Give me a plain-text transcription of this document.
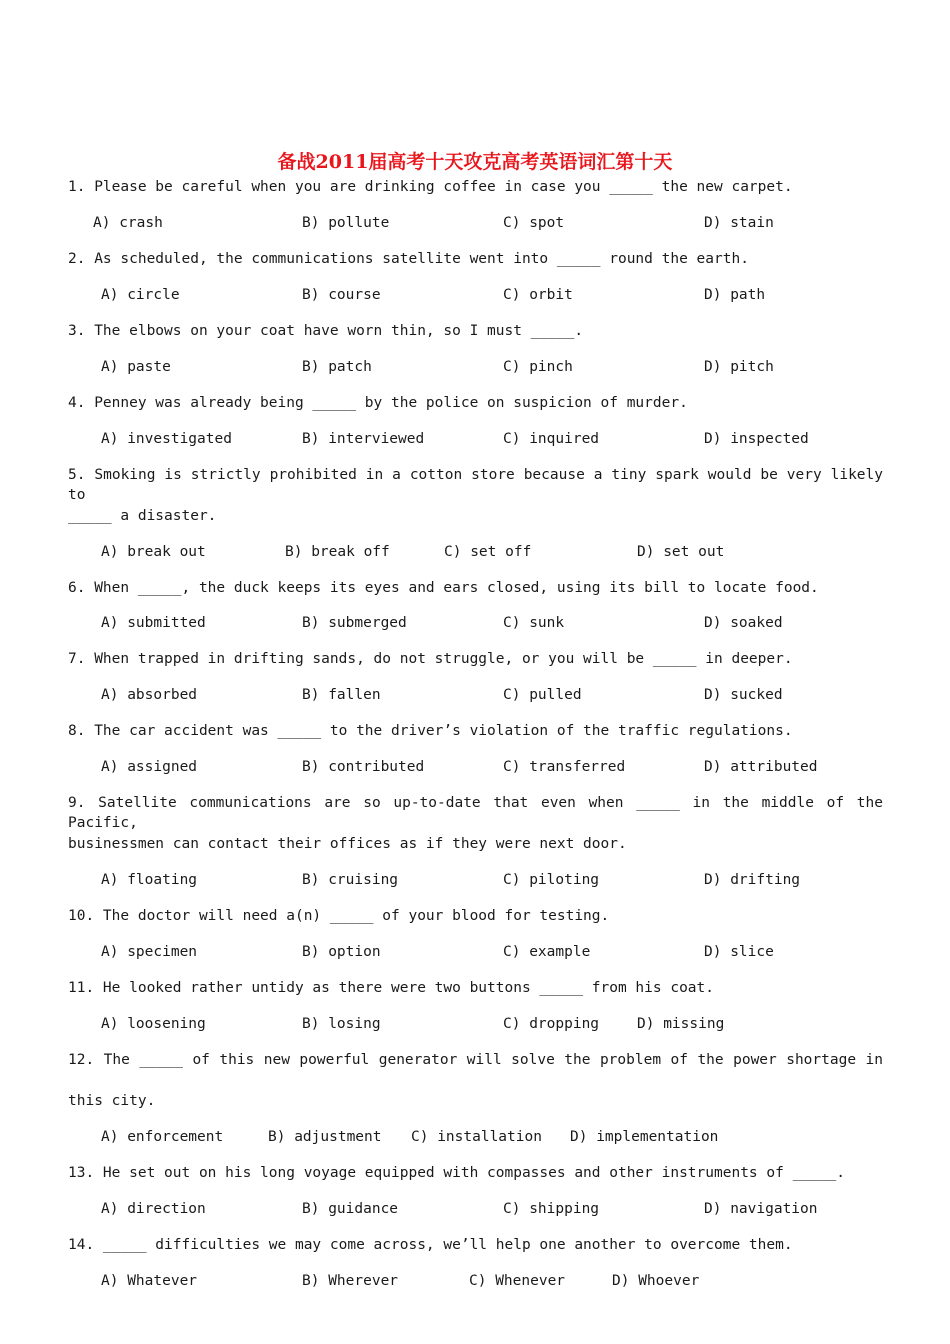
备战2011届高考十天攻克高考英语词汇第十天
1. Please be careful when you are drinking coffee in case you _____ the new carpet.
A) crash	B) pollute	C) spot	D) stain
2. As scheduled, the communications satellite went into _____ round the earth.
A) circle	B) course	C) orbit	D) path
3. The elbows on your coat have worn thin, so I must _____.
A) paste	B) patch	C) pinch	D) pitch
4. Penney was already being _____ by the police on suspicion of murder.
A) investigated	B) interviewed	C) inquired	D) inspected
5. Smoking is strictly prohibited in a cotton store because a tiny spark would be very likely to
_____ a disaster.
A) break out	B) break off	C) set off	D) set out
6. When _____, the duck keeps its eyes and ears closed, using its bill to locate food.
A) submitted	B) submerged	C) sunk	D) soaked
7. When trapped in drifting sands, do not struggle, or you will be _____ in deeper.
A) absorbed	B) fallen	C) pulled	D) sucked
8. The car accident was _____ to the driver’s violation of the traffic regulations.
A) assigned	B) contributed	C) transferred	D) attributed
9. Satellite communications are so up-to-date that even when _____ in the middle of the Pacific,
businessmen can contact their offices as if they were next door.
A) floating	B) cruising	C) piloting	D) drifting
10. The doctor will need a(n) _____ of your blood for testing.
A) specimen	B) option	C) example	D) slice
11. He looked rather untidy as there were two buttons _____ from his coat.
A) loosening	B) losing	C) dropping	D) missing
12. The _____ of this new powerful generator will solve the problem of the power shortage in
this city.
A) enforcement	B) adjustment C) installation D) implementation
13. He set out on his long voyage equipped with compasses and other instruments of _____.
A) direction	B) guidance	C) shipping	D) navigation
14. _____ difficulties we may come across, we’ll help one another to overcome them.
A) Whatever	B) Wherever	C) Whenever	D) Whoever
